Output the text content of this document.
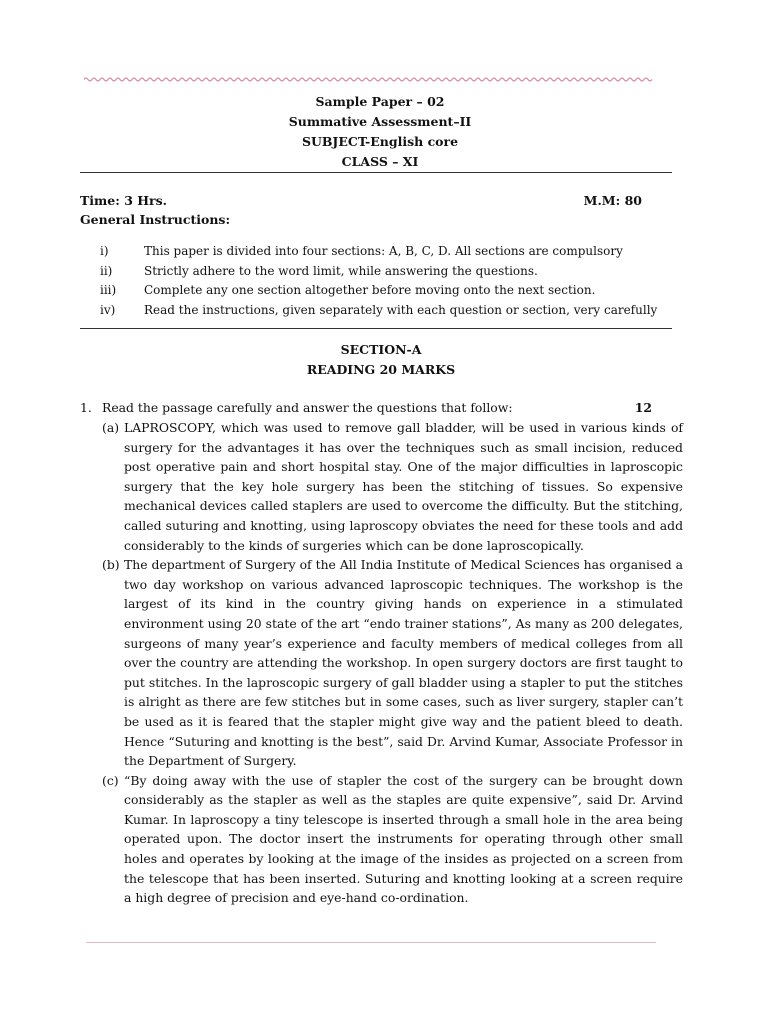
Sample Paper – 02
Summative Assessment–II
SUBJECT-English core
CLASS – XI
Time: 3 Hrs.	M.M: 80
General Instructions:
i)	This paper is divided into four sections: A, B, C, D. All sections are compulsory
ii)	Strictly adhere to the word limit, while answering the questions.
iii)	Complete any one section altogether before moving onto the next section.
iv)	Read the instructions, given separately with each question or section, very carefully
SECTION-A
READING 20 MARKS
1. Read the passage carefully and answer the questions that follow:	12

(a) LAPROSCOPY, which was used to remove gall bladder, will be used in various kinds of surgery for the advantages it has over the techniques such as small incision, reduced post operative pain and short hospital stay. One of the major difficulties in laproscopic surgery that the key hole surgery has been the stitching of tissues. So expensive mechanical devices called staplers are used to overcome the difficulty. But the stitching, called suturing and knotting, using laproscopy obviates the need for these tools and add considerably to the kinds of surgeries which can be done laproscopically.

(b) The department of Surgery of the All India Institute of Medical Sciences has organised a two day workshop on various advanced laproscopic techniques. The workshop is the largest of its kind in the country giving hands on experience in a stimulated environment using 20 state of the art “endo trainer stations”, As many as 200 delegates, surgeons of many year’s experience and faculty members of medical colleges from all over the country are attending the workshop. In open surgery doctors are first taught to put stitches. In the laproscopic surgery of gall bladder using a stapler to put the stitches is alright as there are few stitches but in some cases, such as liver surgery, stapler can’t be used as it is feared that the stapler might give way and the patient bleed to death. Hence “Suturing and knotting is the best”, said Dr. Arvind Kumar, Associate Professor in the Department of Surgery.

(c) “By doing away with the use of stapler the cost of the surgery can be brought down considerably as the stapler as well as the staples are quite expensive”, said Dr. Arvind Kumar. In laproscopy a tiny telescope is inserted through a small hole in the area being operated upon. The doctor insert the instruments for operating through other small holes and operates by looking at the image of the insides as projected on a screen from the telescope that has been inserted. Suturing and knotting looking at a screen require a high degree of precision and eye-hand co-ordination.
